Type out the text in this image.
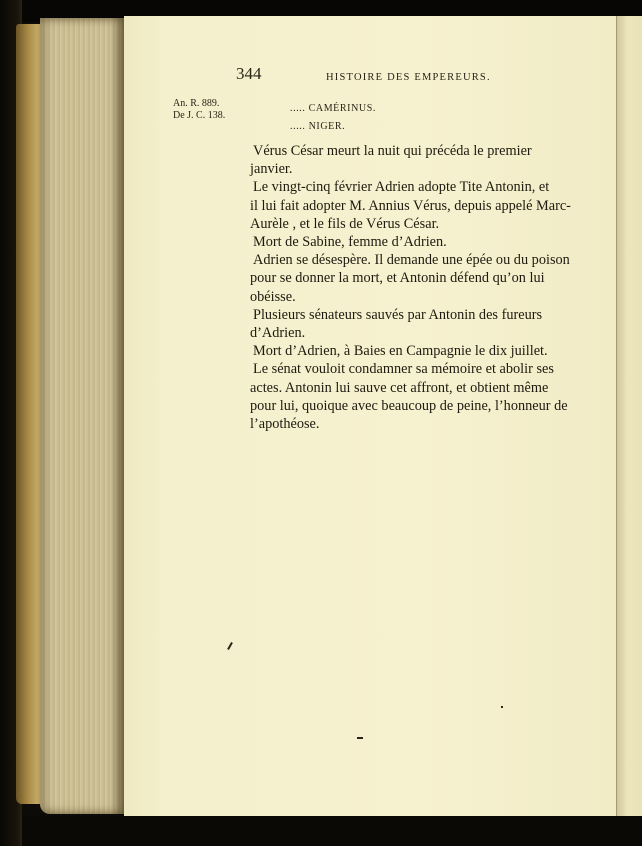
344	HISTOIRE DES EMPEREURS.
An. R. 889.
De J. C. 138.
..... CAMÉRINUS.
..... NIGER.

Vérus César meurt la nuit qui précéda le premier
janvier.

Le vingt-cinq février Adrien adopte Tite Antonin, et
il lui fait adopter M. Annius Vérus, depuis appelé Marc-
Aurèle , et le fils de Vérus César.

Mort de Sabine, femme d’Adrien.

Adrien se désespère. Il demande une épée ou du poison
pour se donner la mort, et Antonin défend qu’on lui
obéisse.

Plusieurs sénateurs sauvés par Antonin des fureurs
d’Adrien.

Mort d’Adrien, à Baies en Campagnie le dix juillet.

Le sénat vouloit condamner sa mémoire et abolir ses
actes. Antonin lui sauve cet affront, et obtient même
pour lui, quoique avec beaucoup de peine, l’honneur de
l’apothéose.
